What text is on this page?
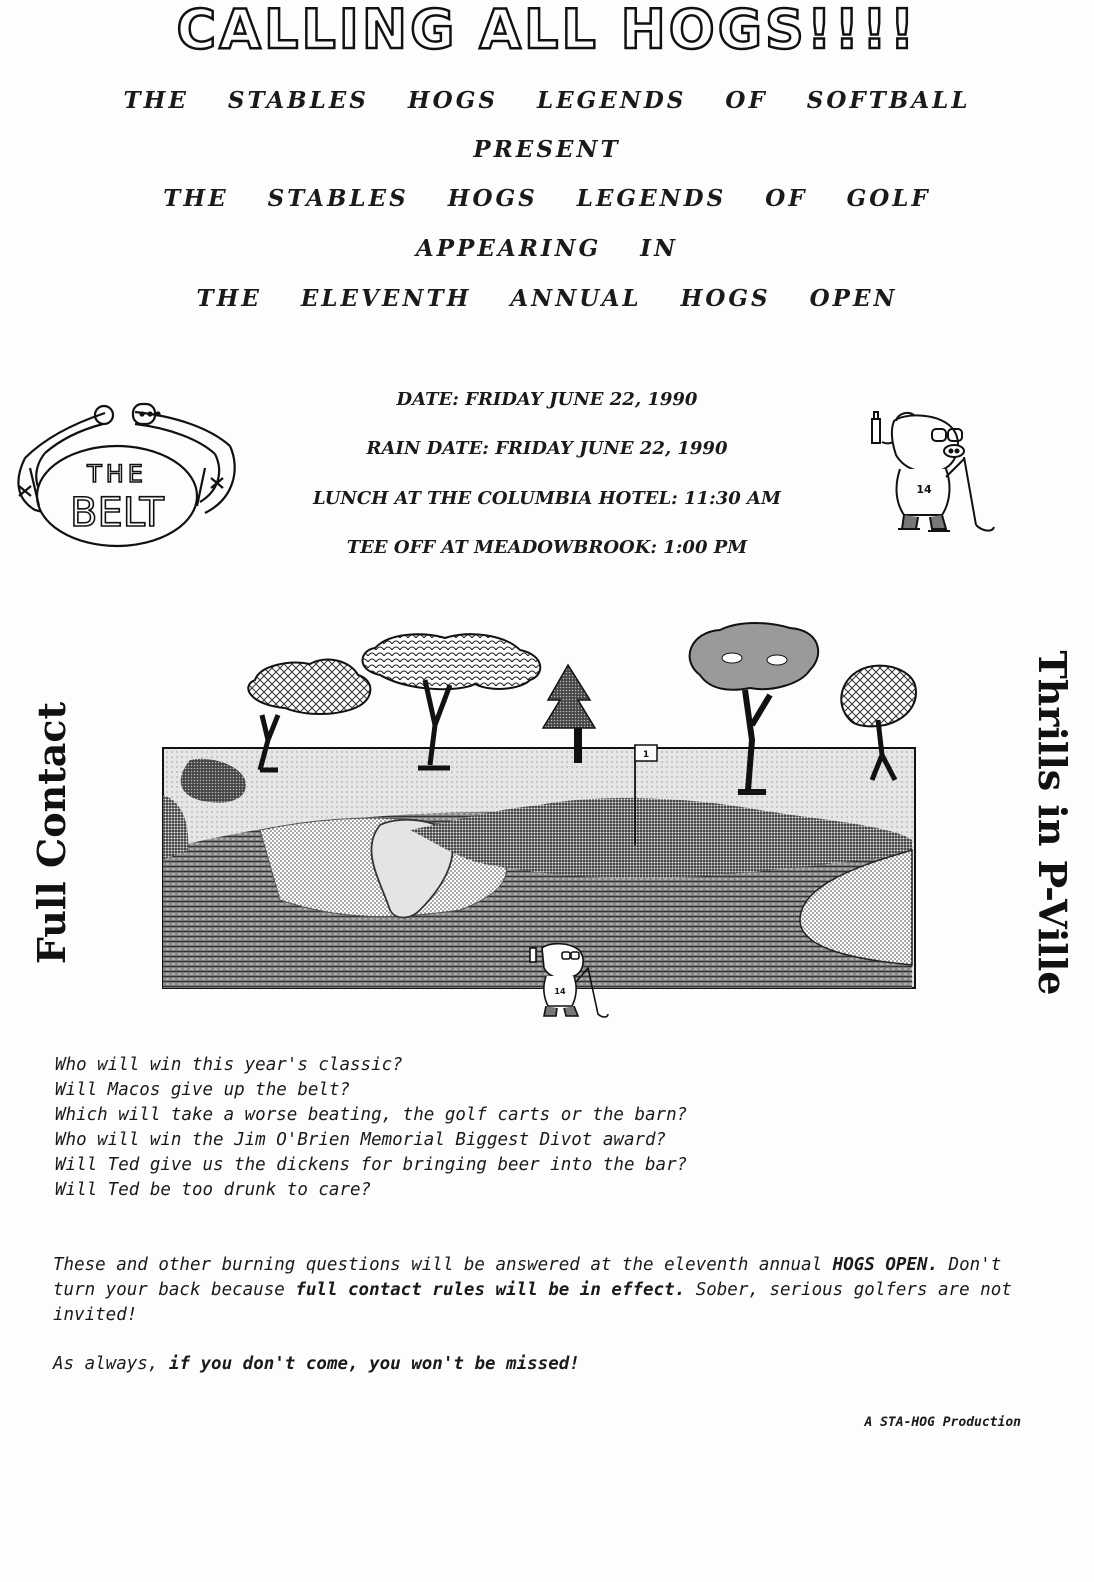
CALLING ALL HOGS!!!!
THE STABLES HOGS LEGENDS OF SOFTBALL
PRESENT
THE STABLES HOGS LEGENDS OF GOLF
APPEARING IN
THE ELEVENTH ANNUAL HOGS OPEN
DATE: FRIDAY JUNE 22, 1990
RAIN DATE: FRIDAY JUNE 22, 1990
LUNCH AT THE COLUMBIA HOTEL: 11:30 AM
TEE OFF AT MEADOWBROOK: 1:00 PM
THE
BELT
14
1
14
Full Contact	Thrills in P-Ville
Who will win this year's classic?
Will Macos give up the belt?
Which will take a worse beating, the golf carts or the barn?
Who will win the Jim O'Brien Memorial Biggest Divot award?
Will Ted give us the dickens for bringing beer into the bar?
Will Ted be too drunk to care?
These and other burning questions will be answered at the eleventh annual HOGS OPEN. Don't turn your back because full contact rules will be in effect. Sober, serious golfers are not invited!
As always, if you don't come, you won't be missed!
A STA-HOG Production
